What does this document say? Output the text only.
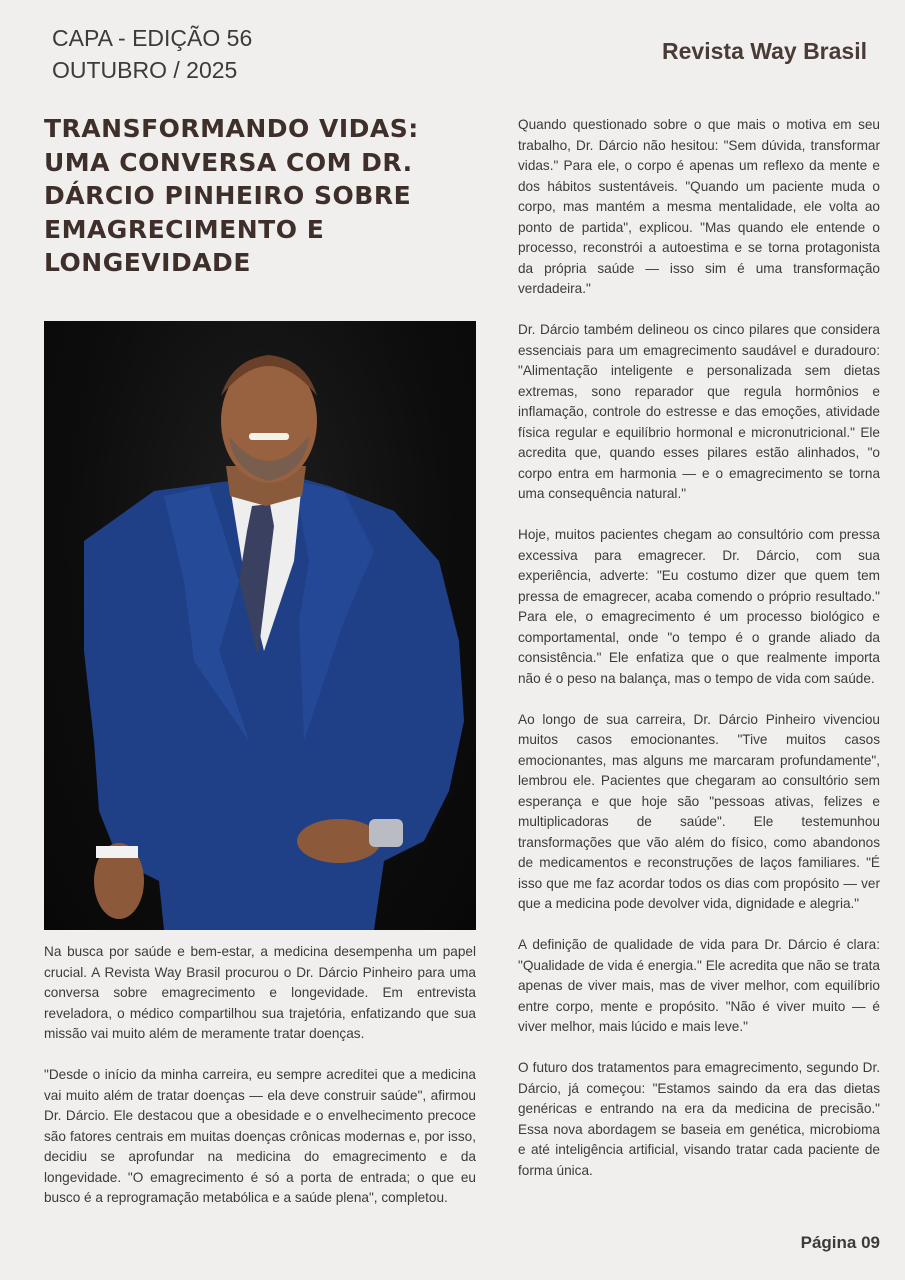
CAPA - EDIÇÃO 56
OUTUBRO / 2025
Revista Way Brasil
TRANSFORMANDO VIDAS: UMA CONVERSA COM DR. DÁRCIO PINHEIRO SOBRE EMAGRECIMENTO E LONGEVIDADE

Na busca por saúde e bem-estar, a medicina desempenha um papel crucial. A Revista Way Brasil procurou o Dr. Dárcio Pinheiro para uma conversa sobre emagrecimento e longevidade. Em entrevista reveladora, o médico compartilhou sua trajetória, enfatizando que sua missão vai muito além de meramente tratar doenças.

"Desde o início da minha carreira, eu sempre acreditei que a medicina vai muito além de tratar doenças — ela deve construir saúde", afirmou Dr. Dárcio. Ele destacou que a obesidade e o envelhecimento precoce são fatores centrais em muitas doenças crônicas modernas e, por isso, decidiu se aprofundar na medicina do emagrecimento e da longevidade. "O emagrecimento é só a porta de entrada; o que eu busco é a reprogramação metabólica e a saúde plena", completou.

Quando questionado sobre o que mais o motiva em seu trabalho, Dr. Dárcio não hesitou: "Sem dúvida, transformar vidas." Para ele, o corpo é apenas um reflexo da mente e dos hábitos sustentáveis. "Quando um paciente muda o corpo, mas mantém a mesma mentalidade, ele volta ao ponto de partida", explicou. "Mas quando ele entende o processo, reconstrói a autoestima e se torna protagonista da própria saúde — isso sim é uma transformação verdadeira."

Dr. Dárcio também delineou os cinco pilares que considera essenciais para um emagrecimento saudável e duradouro: "Alimentação inteligente e personalizada sem dietas extremas, sono reparador que regula hormônios e inflamação, controle do estresse e das emoções, atividade física regular e equilíbrio hormonal e micronutricional." Ele acredita que, quando esses pilares estão alinhados, "o corpo entra em harmonia — e o emagrecimento se torna uma consequência natural."

Hoje, muitos pacientes chegam ao consultório com pressa excessiva para emagrecer. Dr. Dárcio, com sua experiência, adverte: "Eu costumo dizer que quem tem pressa de emagrecer, acaba comendo o próprio resultado." Para ele, o emagrecimento é um processo biológico e comportamental, onde "o tempo é o grande aliado da consistência." Ele enfatiza que o que realmente importa não é o peso na balança, mas o tempo de vida com saúde.

Ao longo de sua carreira, Dr. Dárcio Pinheiro vivenciou muitos casos emocionantes. "Tive muitos casos emocionantes, mas alguns me marcaram profundamente", lembrou ele. Pacientes que chegaram ao consultório sem esperança e que hoje são "pessoas ativas, felizes e multiplicadoras de saúde". Ele testemunhou transformações que vão além do físico, como abandonos de medicamentos e reconstruções de laços familiares. "É isso que me faz acordar todos os dias com propósito — ver que a medicina pode devolver vida, dignidade e alegria."

A definição de qualidade de vida para Dr. Dárcio é clara: "Qualidade de vida é energia." Ele acredita que não se trata apenas de viver mais, mas de viver melhor, com equilíbrio entre corpo, mente e propósito. "Não é viver muito — é viver melhor, mais lúcido e mais leve."

O futuro dos tratamentos para emagrecimento, segundo Dr. Dárcio, já começou: "Estamos saindo da era das dietas genéricas e entrando na era da medicina de precisão." Essa nova abordagem se baseia em genética, microbioma e até inteligência artificial, visando tratar cada paciente de forma única.

Página 09
